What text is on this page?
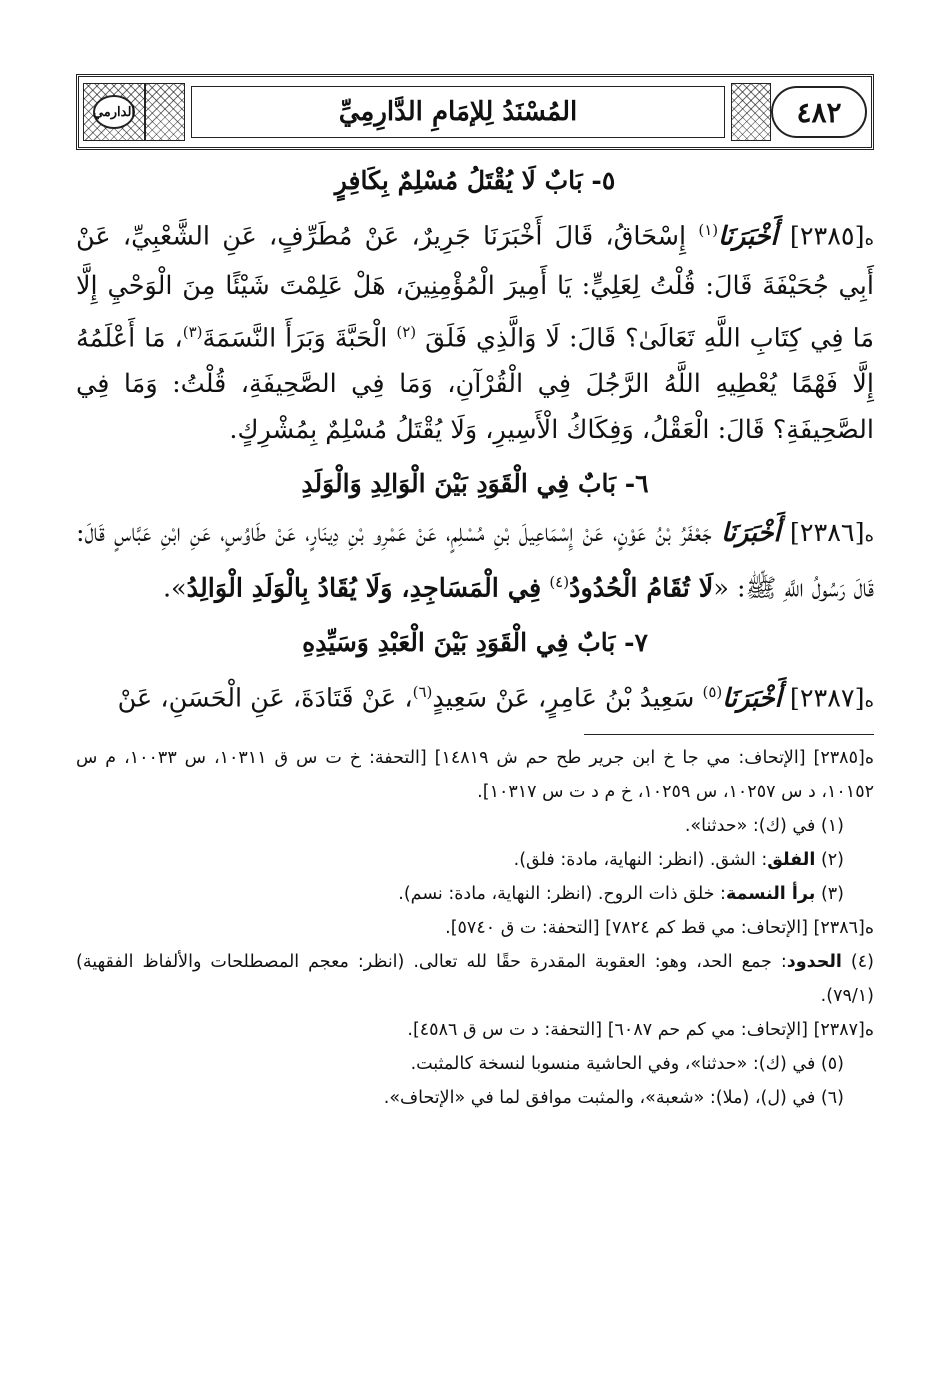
٤٨٢
المُسْنَدُ لِلإمَامِ الدَّارِمِيِّ
الدارمي
٥- بَابٌ لَا يُقْتَلُ مُسْلِمٌ بِكَافِرٍ

ه[٢٣٨٥] أَخْبَرَنَا$^{(١)}$ إِسْحَاقُ، قَالَ أَخْبَرَنَا جَرِيرٌ، عَنْ مُطَرِّفٍ، عَنِ الشَّعْبِيِّ، عَنْ أَبِي جُحَيْفَةَ قَالَ: قُلْتُ لِعَلِيٍّ: يَا أَمِيرَ الْمُؤْمِنِينَ، هَلْ عَلِمْتَ شَيْئًا مِنَ الْوَحْيِ إِلَّا مَا فِي كِتَابِ اللَّهِ تَعَالَىٰ؟ قَالَ: لَا وَالَّذِي فَلَقَ $^{(٢)}$ الْحَبَّةَ وَبَرَأَ النَّسَمَةَ$^{(٣)}$، مَا أَعْلَمُهُ إِلَّا فَهْمًا يُعْطِيهِ اللَّهُ الرَّجُلَ فِي الْقُرْآنِ، وَمَا فِي الصَّحِيفَةِ، قُلْتُ: وَمَا فِي الصَّحِيفَةِ؟ قَالَ: الْعَقْلُ، وَفِكَاكُ الْأَسِيرِ، وَلَا يُقْتَلُ مُسْلِمٌ بِمُشْرِكٍ.

٦- بَابٌ فِي الْقَوَدِ بَيْنَ الْوَالِدِ وَالْوَلَدِ

ه[٢٣٨٦] أَخْبَرَنَا جَعْفَرُ بْنُ عَوْنٍ، عَنْ إِسْمَاعِيلَ بْنِ مُسْلِمٍ، عَنْ عَمْرِو بْنِ دِينَارٍ، عَنْ طَاوُسٍ، عَنِ ابْنِ عَبَّاسٍ قَالَ: قَالَ رَسُولُ اللَّهِ ﷺ: «لَا تُقَامُ الْحُدُودُ$^{(٤)}$ فِي الْمَسَاجِدِ، وَلَا يُقَادُ بِالْوَلَدِ الْوَالِدُ».

٧- بَابٌ فِي الْقَوَدِ بَيْنَ الْعَبْدِ وَسَيِّدِهِ

ه[٢٣٨٧] أَخْبَرَنَا$^{(٥)}$ سَعِيدُ بْنُ عَامِرٍ، عَنْ سَعِيدٍ$^{(٦)}$، عَنْ قَتَادَةَ، عَنِ الْحَسَنِ، عَنْ

ه[٢٣٨٥] [الإتحاف: مي جا خ ابن جرير طح حم ش ١٤٨١٩] [التحفة: خ ت س ق ١٠٣١١، س ١٠٠٣٣، م س ١٠١٥٢، د س ١٠٢٥٧، س ١٠٢٥٩، خ م د ت س ١٠٣١٧].

(١) في (ك): «حدثنا».

(٢) الفلق: الشق. (انظر: النهاية، مادة: فلق).

(٣) برأ النسمة: خلق ذات الروح. (انظر: النهاية، مادة: نسم).

ه[٢٣٨٦] [الإتحاف: مي قط كم ٧٨٢٤] [التحفة: ت ق ٥٧٤٠].

(٤) الحدود: جمع الحد، وهو: العقوبة المقدرة حقًا لله تعالى. (انظر: معجم المصطلحات والألفاظ الفقهية) (٧٩/١).

ه[٢٣٨٧] [الإتحاف: مي كم حم ٦٠٨٧] [التحفة: د ت س ق ٤٥٨٦].

(٥) في (ك): «حدثنا»، وفي الحاشية منسوبا لنسخة كالمثبت.

(٦) في (ل)، (ملا): «شعبة»، والمثبت موافق لما في «الإتحاف».
